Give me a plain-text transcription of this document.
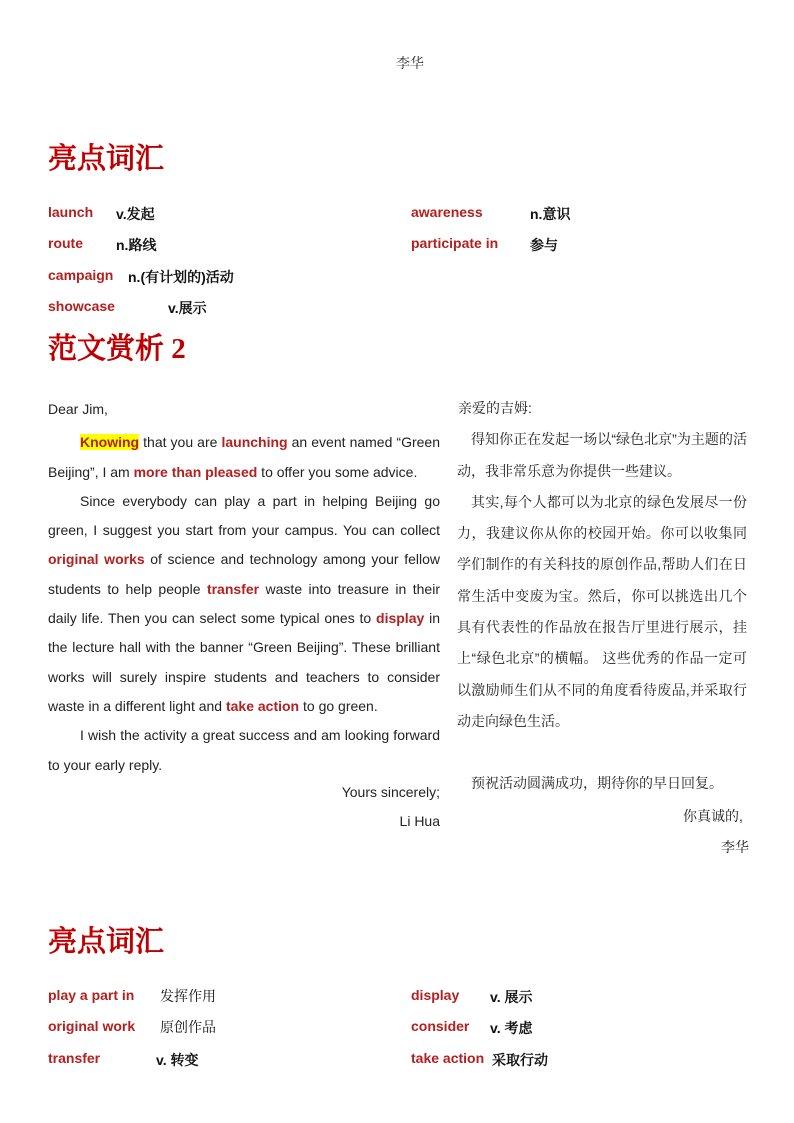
李华
亮点词汇
launch v.发起	awareness	n.意识
route n.路线	participate in 参与
campaign n.(有计划的)活动
showcase	v.展示
范文赏析 2

Dear Jim,

Knowing that you are launching an event named “Green Beijing”, I am more than pleased to offer you some advice.

Since everybody can play a part in helping Beijing go green, I suggest you start from your campus. You can collect original works of science and technology among your fellow students to help people transfer waste into treasure in their daily life. Then you can select some typical ones to display in the lecture hall with the banner “Green Beijing”. These brilliant works will surely inspire students and teachers to consider waste in a different light and take action to go green.

I wish the activity a great success and am looking forward to your early reply.

Yours sincerely;

Li Hua

亲爱的吉姆:

得知你正在发起一场以“绿色北京”为主题的活动，我非常乐意为你提供一些建议。

其实,每个人都可以为北京的绿色发展尽一份力，我建议你从你的校园开始。你可以收集同学们制作的有关科技的原创作品,帮助人们在日常生活中变废为宝。然后，你可以挑选出几个具有代表性的作品放在报告厅里进行展示，挂上“绿色北京”的横幅。 这些优秀的作品一定可以激励师生们从不同的角度看待废品,并采取行动走向绿色生活。

预祝活动圆满成功，期待你的早日回复。

你真诚的,
李华
亮点词汇
play a part in 发挥作用	display v. 展示
original work 原创作品	consider v. 考虑
transfer	v. 转变	take action 采取行动
